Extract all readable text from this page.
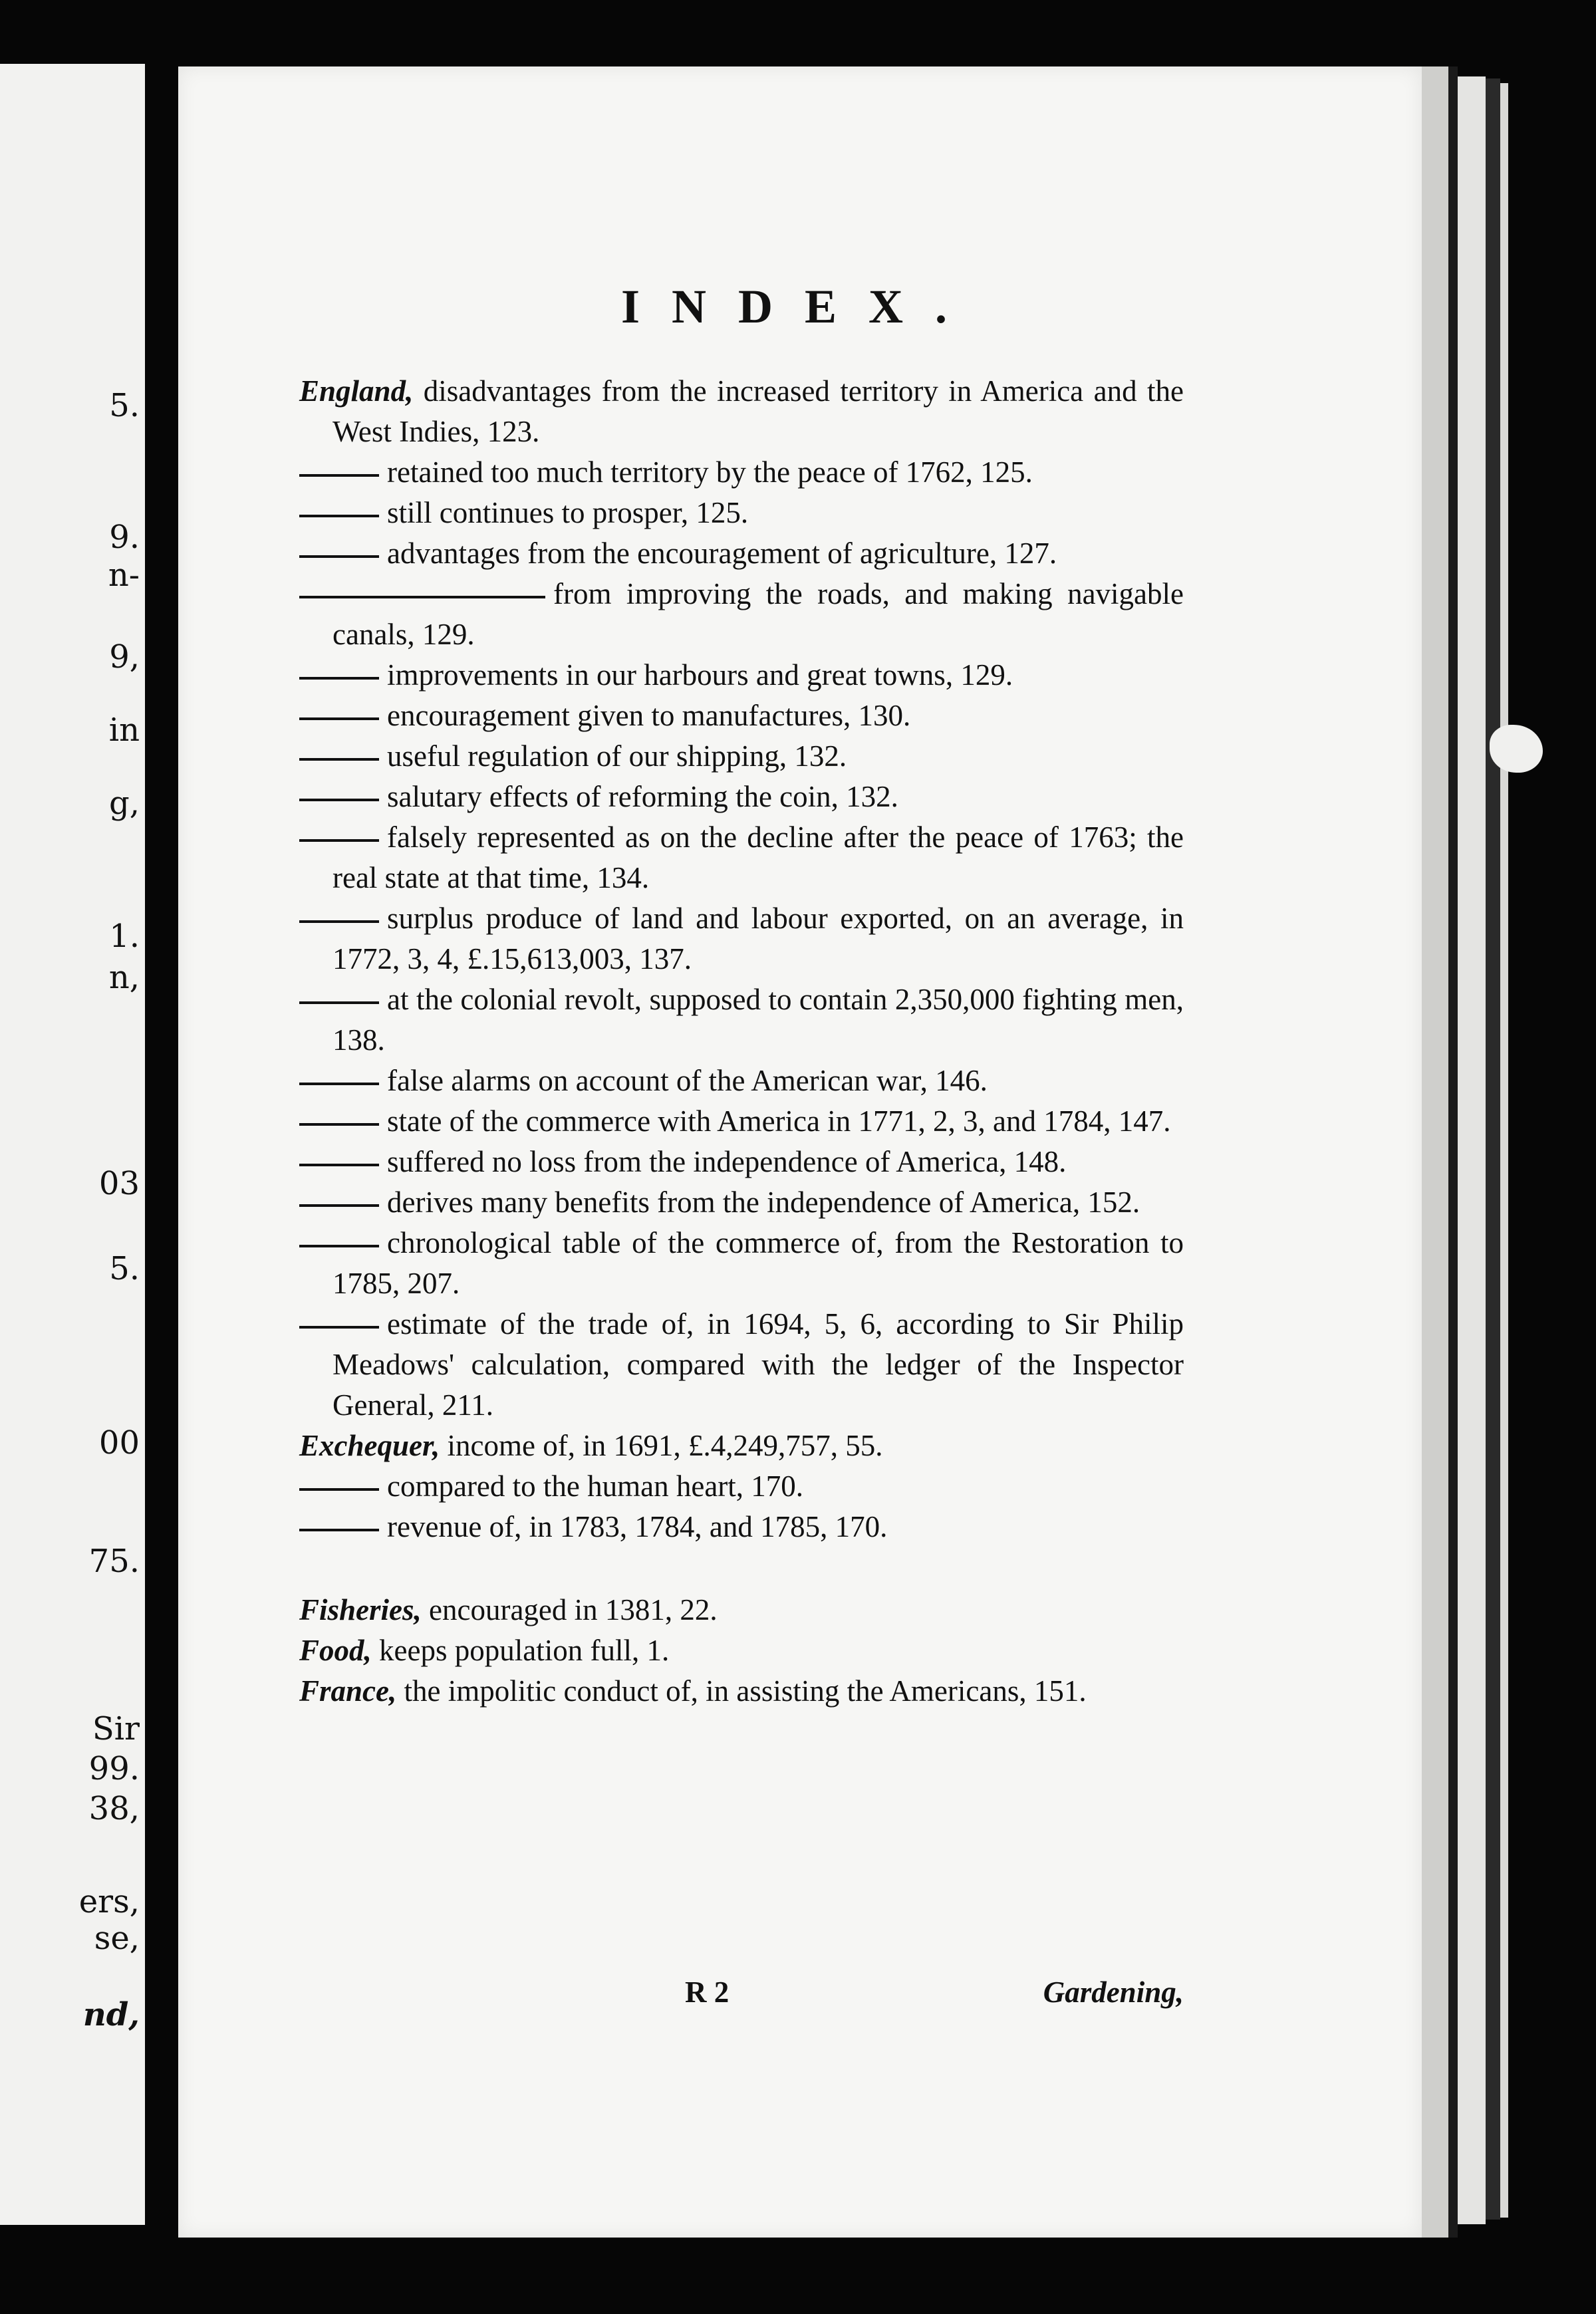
5.
9.
n-
9,
in
g,
1.
n,
03
5.
00
75.
Sir
99.
38,
ers,
se,
nd,
INDEX.
England, disadvantages from the increased territory in America and the West Indies, 123.
retained too much territory by the peace of 1762, 125.
still continues to prosper, 125.
advantages from the encouragement of agriculture, 127.
from improving the roads, and making navigable canals, 129.
improvements in our harbours and great towns, 129.
encouragement given to manufactures, 130.
useful regulation of our shipping, 132.
salutary effects of reforming the coin, 132.
falsely represented as on the decline after the peace of 1763; the real state at that time, 134.
surplus produce of land and labour exported, on an average, in 1772, 3, 4, £.15,613,003, 137.
at the colonial revolt, supposed to contain 2,350,000 fighting men, 138.
false alarms on account of the American war, 146.
state of the commerce with America in 1771, 2, 3, and 1784, 147.
suffered no loss from the independence of America, 148.
derives many benefits from the independence of America, 152.
chronological table of the commerce of, from the Restoration to 1785, 207.
estimate of the trade of, in 1694, 5, 6, according to Sir Philip Meadows' calculation, compared with the ledger of the Inspector General, 211.
Exchequer, income of, in 1691, £.4,249,757, 55.
compared to the human heart, 170.
revenue of, in 1783, 1784, and 1785, 170.
Fisheries, encouraged in 1381, 22.
Food, keeps population full, 1.
France, the impolitic conduct of, in assisting the Americans, 151.
R 2	Gardening,
